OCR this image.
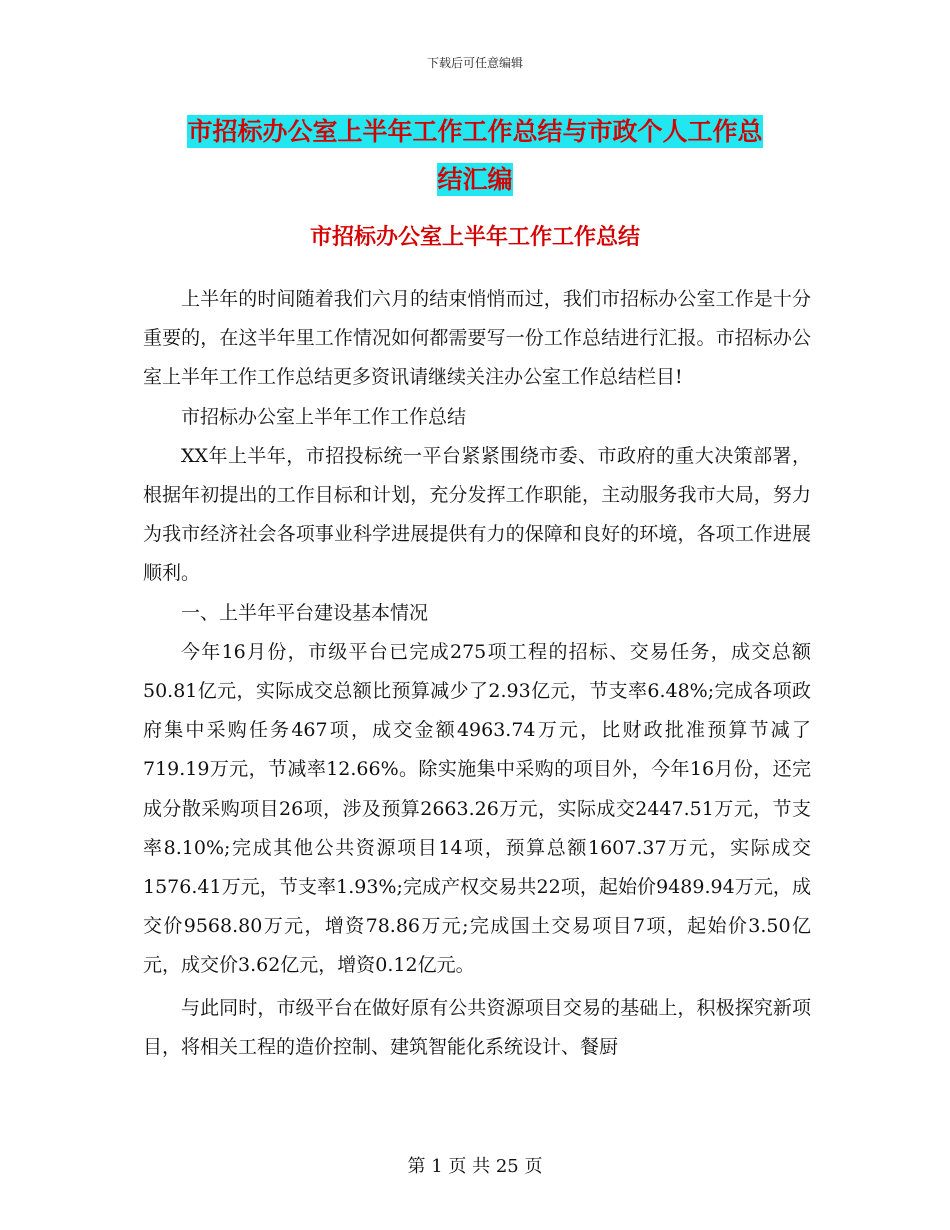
下载后可任意编辑
市招标办公室上半年工作工作总结与市政个人工作总
结汇编
市招标办公室上半年工作工作总结

上半年的时间随着我们六月的结束悄悄而过，我们市招标办公室工作是十分重要的，在这半年里工作情况如何都需要写一份工作总结进行汇报。市招标办公室上半年工作工作总结更多资讯请继续关注办公室工作总结栏目!

市招标办公室上半年工作工作总结

XX年上半年，市招投标统一平台紧紧围绕市委、市政府的重大决策部署，根据年初提出的工作目标和计划，充分发挥工作职能，主动服务我市大局，努力为我市经济社会各项事业科学进展提供有力的保障和良好的环境，各项工作进展顺利。

一、上半年平台建设基本情况

今年16月份，市级平台已完成275项工程的招标、交易任务，成交总额50.81亿元，实际成交总额比预算减少了2.93亿元，节支率6.48%;完成各项政府集中采购任务467项，成交金额4963.74万元，比财政批准预算节减了719.19万元，节减率12.66%。除实施集中采购的项目外，今年16月份，还完成分散采购项目26项，涉及预算2663.26万元，实际成交2447.51万元，节支率8.10%;完成其他公共资源项目14项，预算总额1607.37万元，实际成交1576.41万元，节支率1.93%;完成产权交易共22项，起始价9489.94万元，成交价9568.80万元，增资78.86万元;完成国土交易项目7项，起始价3.50亿元，成交价3.62亿元，增资0.12亿元。

与此同时，市级平台在做好原有公共资源项目交易的基础上，积极探究新项目，将相关工程的造价控制、建筑智能化系统设计、餐厨

第 1 页 共 25 页
